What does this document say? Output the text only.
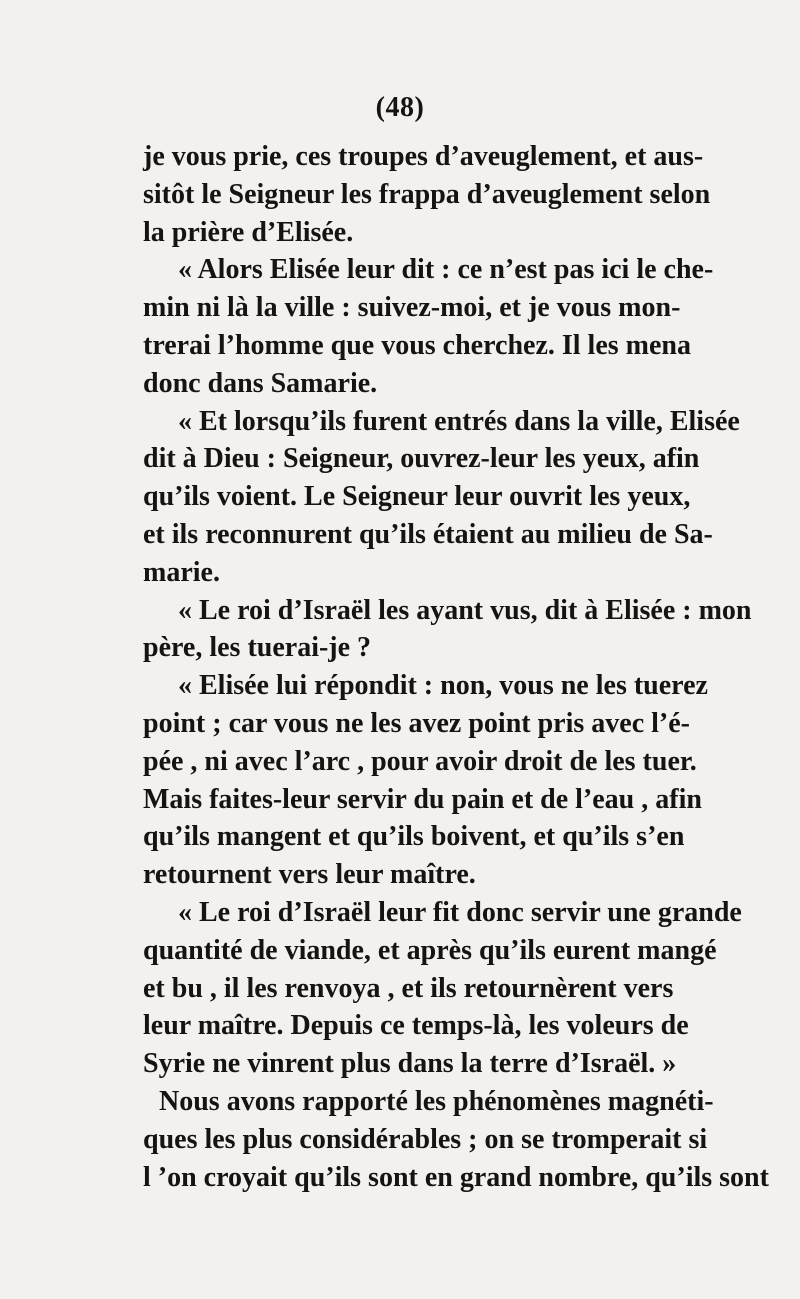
(48)
je vous prie, ces troupes d’aveuglement, et aus-
sitôt le Seigneur les frappa d’aveuglement selon
la prière d’Elisée.
« Alors Elisée leur dit : ce n’est pas ici le che-
min ni là la ville : suivez-moi, et je vous mon-
trerai l’homme que vous cherchez. Il les mena
donc dans Samarie.
« Et lorsqu’ils furent entrés dans la ville, Elisée
dit à Dieu : Seigneur, ouvrez-leur les yeux, afin
qu’ils voient. Le Seigneur leur ouvrit les yeux,
et ils reconnurent qu’ils étaient au milieu de Sa-
marie.
« Le roi d’Israël les ayant vus, dit à Elisée : mon
père, les tuerai-je ?
« Elisée lui répondit : non, vous ne les tuerez
point ; car vous ne les avez point pris avec l’é-
pée , ni avec l’arc , pour avoir droit de les tuer.
Mais faites-leur servir du pain et de l’eau , afin
qu’ils mangent et qu’ils boivent, et qu’ils s’en
retournent vers leur maître.
« Le roi d’Israël leur fit donc servir une grande
quantité de viande, et après qu’ils eurent mangé
et bu , il les renvoya , et ils retournèrent vers
leur maître. Depuis ce temps-là, les voleurs de
Syrie ne vinrent plus dans la terre d’Israël. »
Nous avons rapporté les phénomènes magnéti-
ques les plus considérables ; on se tromperait si
l ’on croyait qu’ils sont en grand nombre, qu’ils sont
